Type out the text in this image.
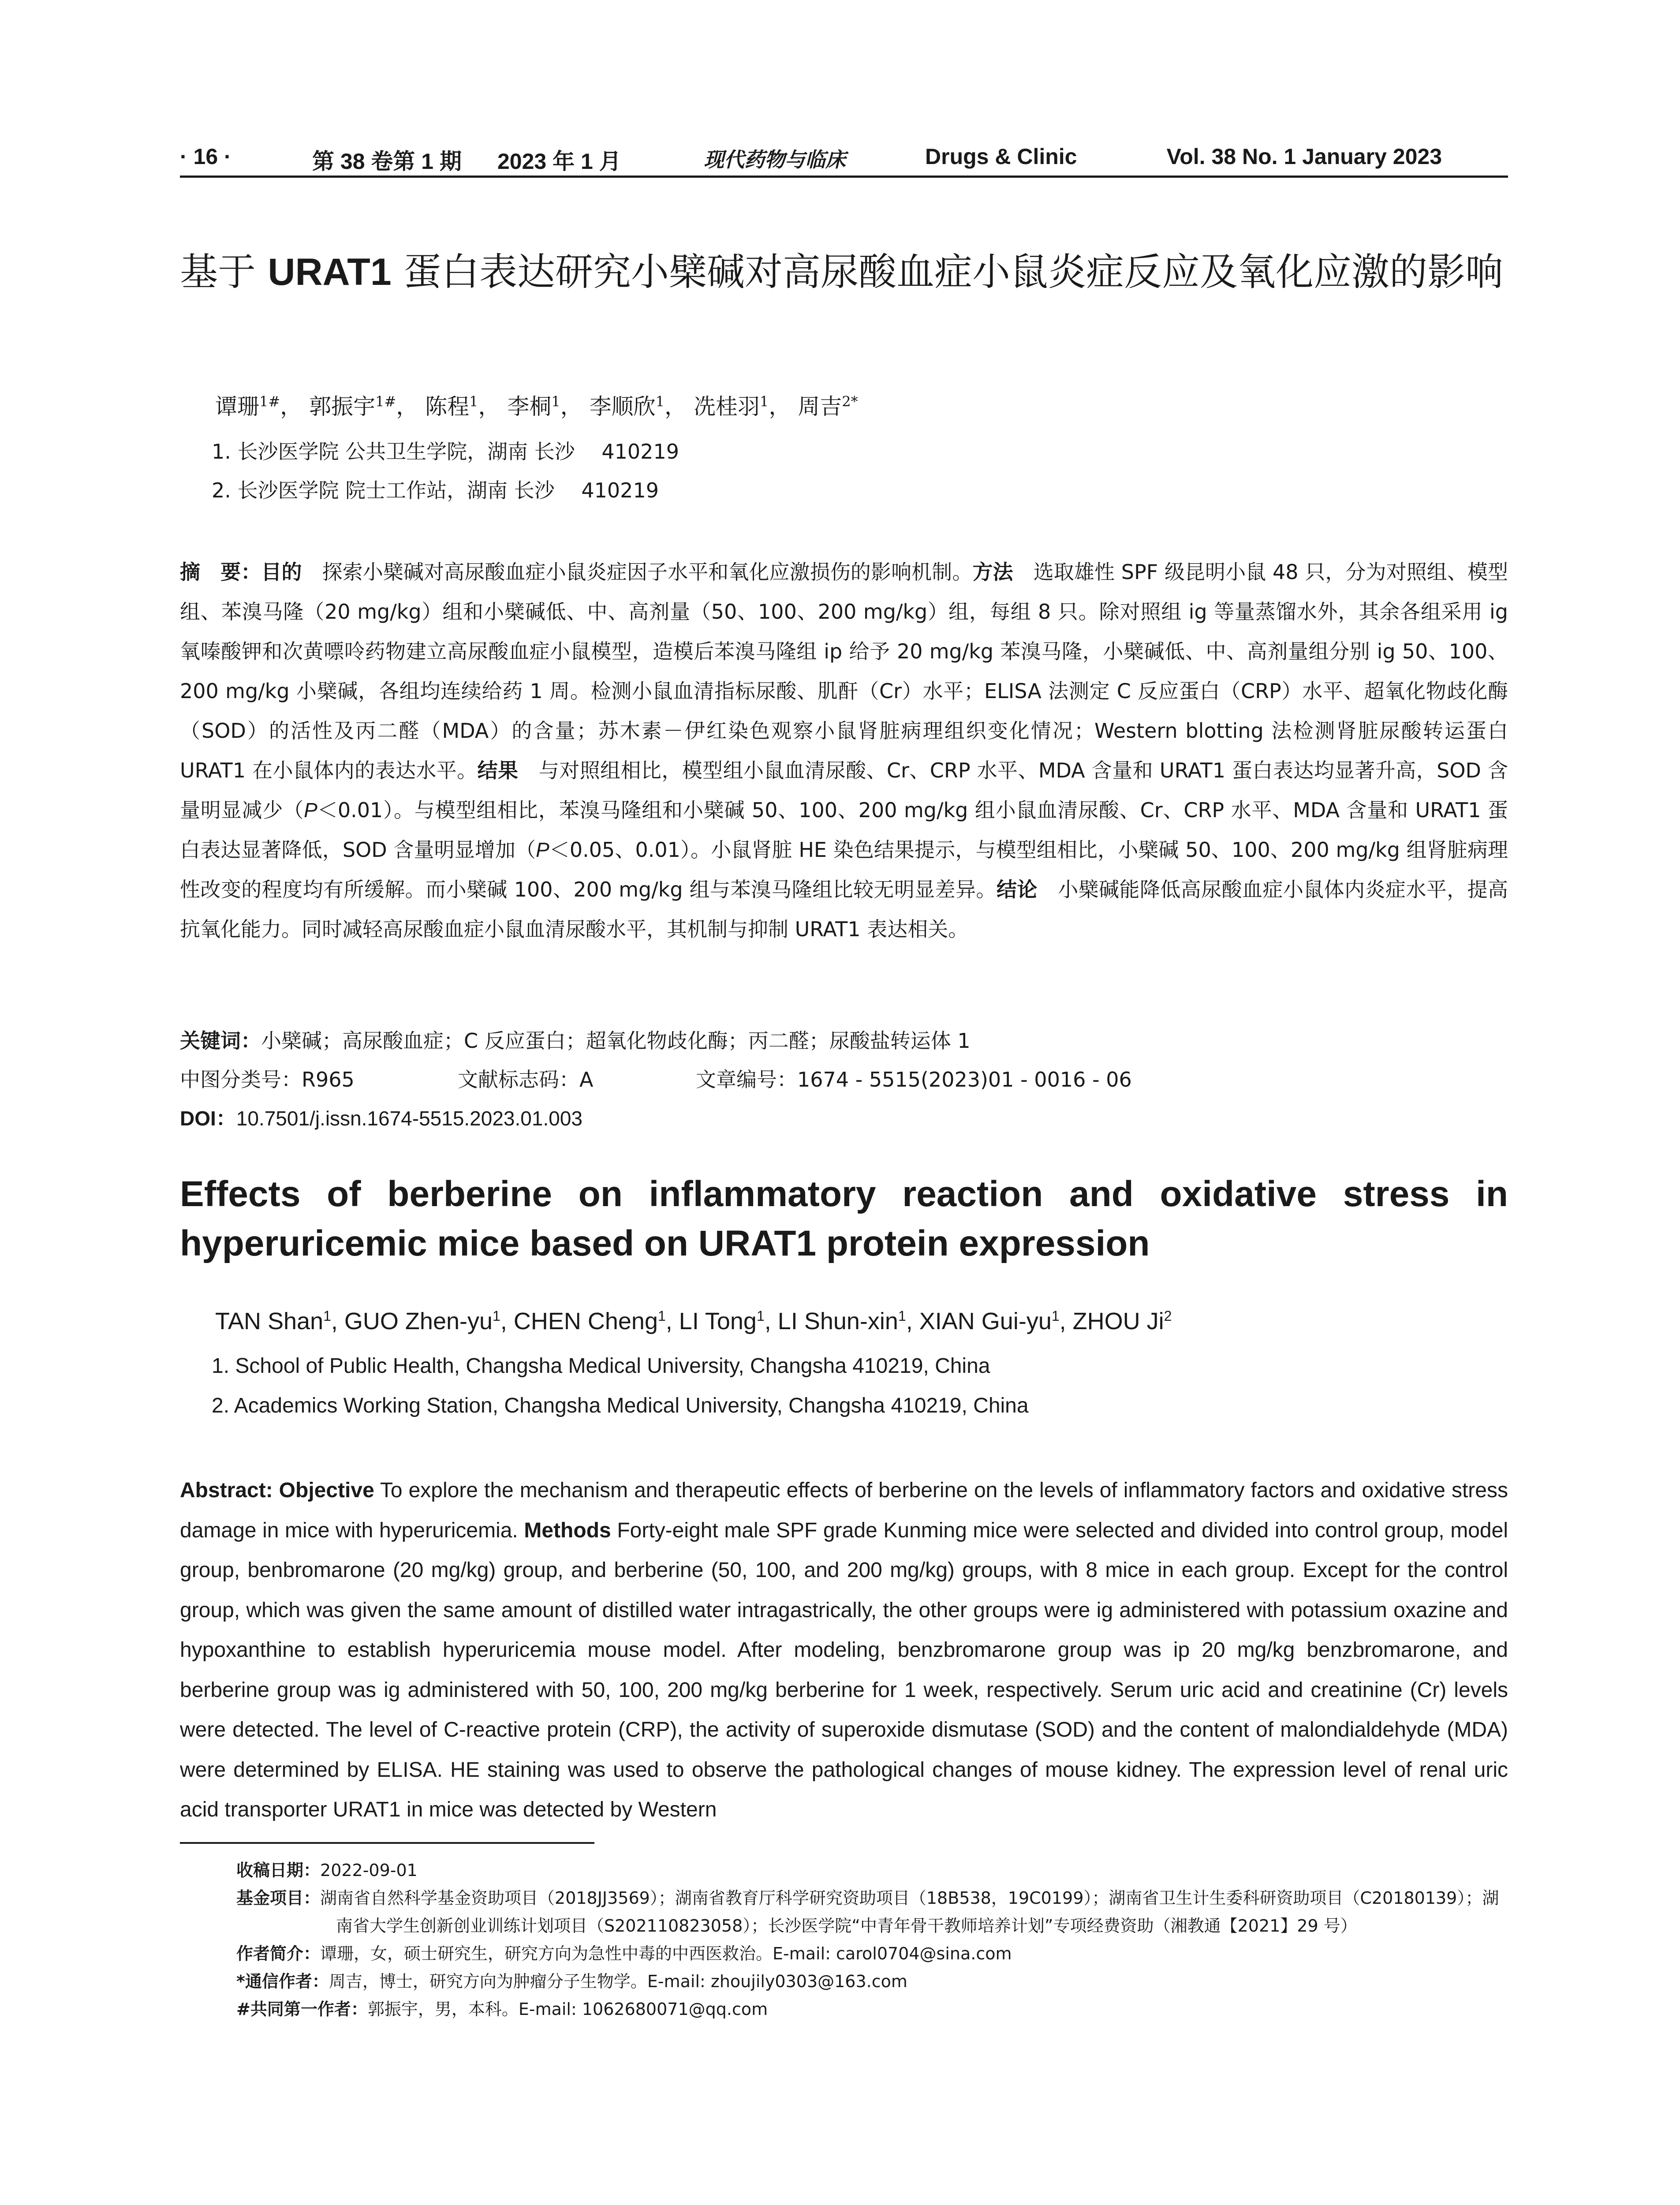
· 16 ·	第 38 卷第 1 期 2023 年 1 月	现代药物与临床	Drugs & Clinic	Vol. 38 No. 1 January 2023
基于 URAT1 蛋白表达研究小檗碱对高尿酸血症小鼠炎症反应及氧化应激的影响
谭珊$^{1\#}$， 郭振宇$^{1\#}$， 陈程$^1$， 李桐$^1$， 李顺欣$^1$， 冼桂羽$^1$， 周吉$^{2*}$
1. 长沙医学院 公共卫生学院，湖南 长沙 　410219
2. 长沙医学院 院士工作站，湖南 长沙 　410219

摘　要：目的　探索小檗碱对高尿酸血症小鼠炎症因子水平和氧化应激损伤的影响机制。方法　选取雄性 SPF 级昆明小鼠 48 只，分为对照组、模型组、苯溴马隆（20 mg/kg）组和小檗碱低、中、高剂量（50、100、200 mg/kg）组，每组 8 只。除对照组 ig 等量蒸馏水外，其余各组采用 ig 氧嗪酸钾和次黄嘌呤药物建立高尿酸血症小鼠模型，造模后苯溴马隆组 ip 给予 20 mg/kg 苯溴马隆，小檗碱低、中、高剂量组分别 ig 50、100、200 mg/kg 小檗碱，各组均连续给药 1 周。检测小鼠血清指标尿酸、肌酐（Cr）水平；ELISA 法测定 C 反应蛋白（CRP）水平、超氧化物歧化酶（SOD）的活性及丙二醛（MDA）的含量；苏木素－伊红染色观察小鼠肾脏病理组织变化情况；Western blotting 法检测肾脏尿酸转运蛋白 URAT1 在小鼠体内的表达水平。结果　与对照组相比，模型组小鼠血清尿酸、Cr、CRP 水平、MDA 含量和 URAT1 蛋白表达均显著升高，SOD 含量明显减少（P＜0.01）。与模型组相比，苯溴马隆组和小檗碱 50、100、200 mg/kg 组小鼠血清尿酸、Cr、CRP 水平、MDA 含量和 URAT1 蛋白表达显著降低，SOD 含量明显增加（P＜0.05、0.01）。小鼠肾脏 HE 染色结果提示，与模型组相比，小檗碱 50、100、200 mg/kg 组肾脏病理性改变的程度均有所缓解。而小檗碱 100、200 mg/kg 组与苯溴马隆组比较无明显差异。结论　小檗碱能降低高尿酸血症小鼠体内炎症水平，提高抗氧化能力。同时减轻高尿酸血症小鼠血清尿酸水平，其机制与抑制 URAT1 表达相关。

关键词：小檗碱；高尿酸血症；C 反应蛋白；超氧化物歧化酶；丙二醛；尿酸盐转运体 1
中图分类号：R965	文献标志码：A	文章编号：1674 - 5515(2023)01 - 0016 - 06
DOI：10.7501/j.issn.1674-5515.2023.01.003
Effects of berberine on inflammatory reaction and oxidative stress in
hyperuricemic mice based on URAT1 protein expression
TAN Shan$^1$, GUO Zhen-$yu^1$, CHEN Cheng$^1$, LI Tong$^1$, LI Shun-xin$^1$, XIAN Gui-$yu^1$, ZHOU Ji$^2$
1. School of Public Health, Changsha Medical University, Changsha 410219, China
2. Academics Working Station, Changsha Medical University, Changsha 410219, China

Abstract: Objective To explore the mechanism and therapeutic effects of berberine on the levels of inflammatory factors and oxidative stress damage in mice with hyperuricemia. Methods Forty-eight male SPF grade Kunming mice were selected and divided into control group, model group, benbromarone (20 mg/kg) group, and berberine (50, 100, and 200 mg/kg) groups, with 8 mice in each group. Except for the control group, which was given the same amount of distilled water intragastrically, the other groups were ig administered with potassium oxazine and hypoxanthine to establish hyperuricemia mouse model. After modeling, benzbromarone group was ip 20 mg/kg benzbromarone, and berberine group was ig administered with 50, 100, 200 mg/kg berberine for 1 week, respectively. Serum uric acid and creatinine (Cr) levels were detected. The level of C-reactive protein (CRP), the activity of superoxide dismutase (SOD) and the content of malondialdehyde (MDA) were determined by ELISA. HE staining was used to observe the pathological changes of mouse kidney. The expression level of renal uric acid transporter URAT1 in mice was detected by Western

收稿日期：2022-09-01

基金项目：湖南省自然科学基金资助项目（2018JJ3569）；湖南省教育厅科学研究资助项目（18B538，19C0199）；湖南省卫生计生委科研资助项目（C20180139）；湖南省大学生创新创业训练计划项目（S202110823058）；长沙医学院“中青年骨干教师培养计划”专项经费资助（湘教通【2021】29 号）

作者简介：谭珊，女，硕士研究生，研究方向为急性中毒的中西医救治。E-mail: carol0704@sina.com

*通信作者：周吉，博士，研究方向为肿瘤分子生物学。E-mail: zhoujily0303@163.com

#共同第一作者：郭振宇，男，本科。E-mail: 1062680071@qq.com
